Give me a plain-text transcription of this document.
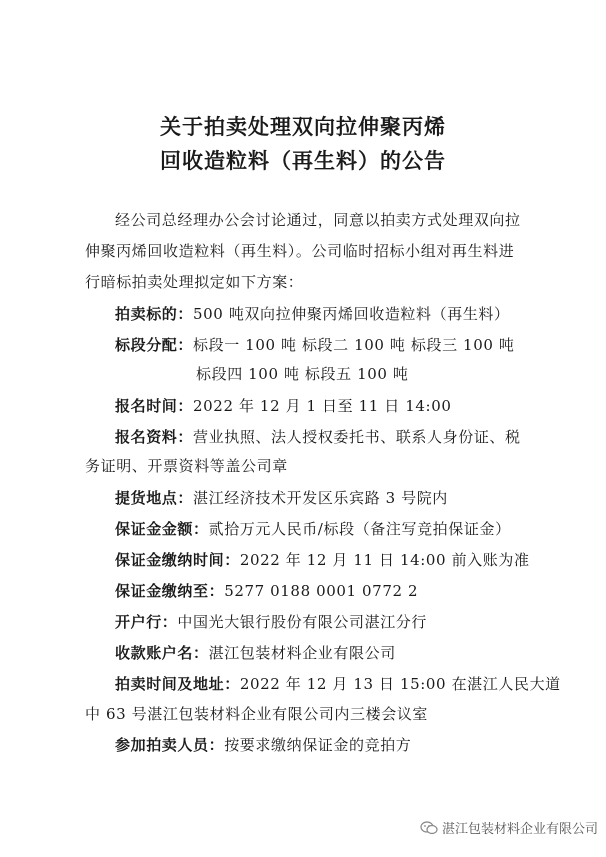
关于拍卖处理双向拉伸聚丙烯
回收造粒料（再生料）的公告
经公司总经理办公会讨论通过，同意以拍卖方式处理双向拉
伸聚丙烯回收造粒料（再生料）。公司临时招标小组对再生料进
行暗标拍卖处理拟定如下方案：
拍卖标的：500 吨双向拉伸聚丙烯回收造粒料（再生料）
标段分配：标段一 100 吨 标段二 100 吨 标段三 100 吨
标段四 100 吨 标段五 100 吨
报名时间：2022 年 12 月 1 日至 11 日 14:00
报名资料：营业执照、法人授权委托书、联系人身份证、税
务证明、开票资料等盖公司章
提货地点：湛江经济技术开发区乐宾路 3 号院内
保证金金额：贰拾万元人民币/标段（备注写竞拍保证金）
保证金缴纳时间：2022 年 12 月 11 日 14:00 前入账为准
保证金缴纳至：5277 0188 0001 0772 2
开户行：中国光大银行股份有限公司湛江分行
收款账户名：湛江包装材料企业有限公司
拍卖时间及地址：2022 年 12 月 13 日 15:00 在湛江人民大道
中 63 号湛江包装材料企业有限公司内三楼会议室
参加拍卖人员：按要求缴纳保证金的竞拍方
湛江包装材料企业有限公司
